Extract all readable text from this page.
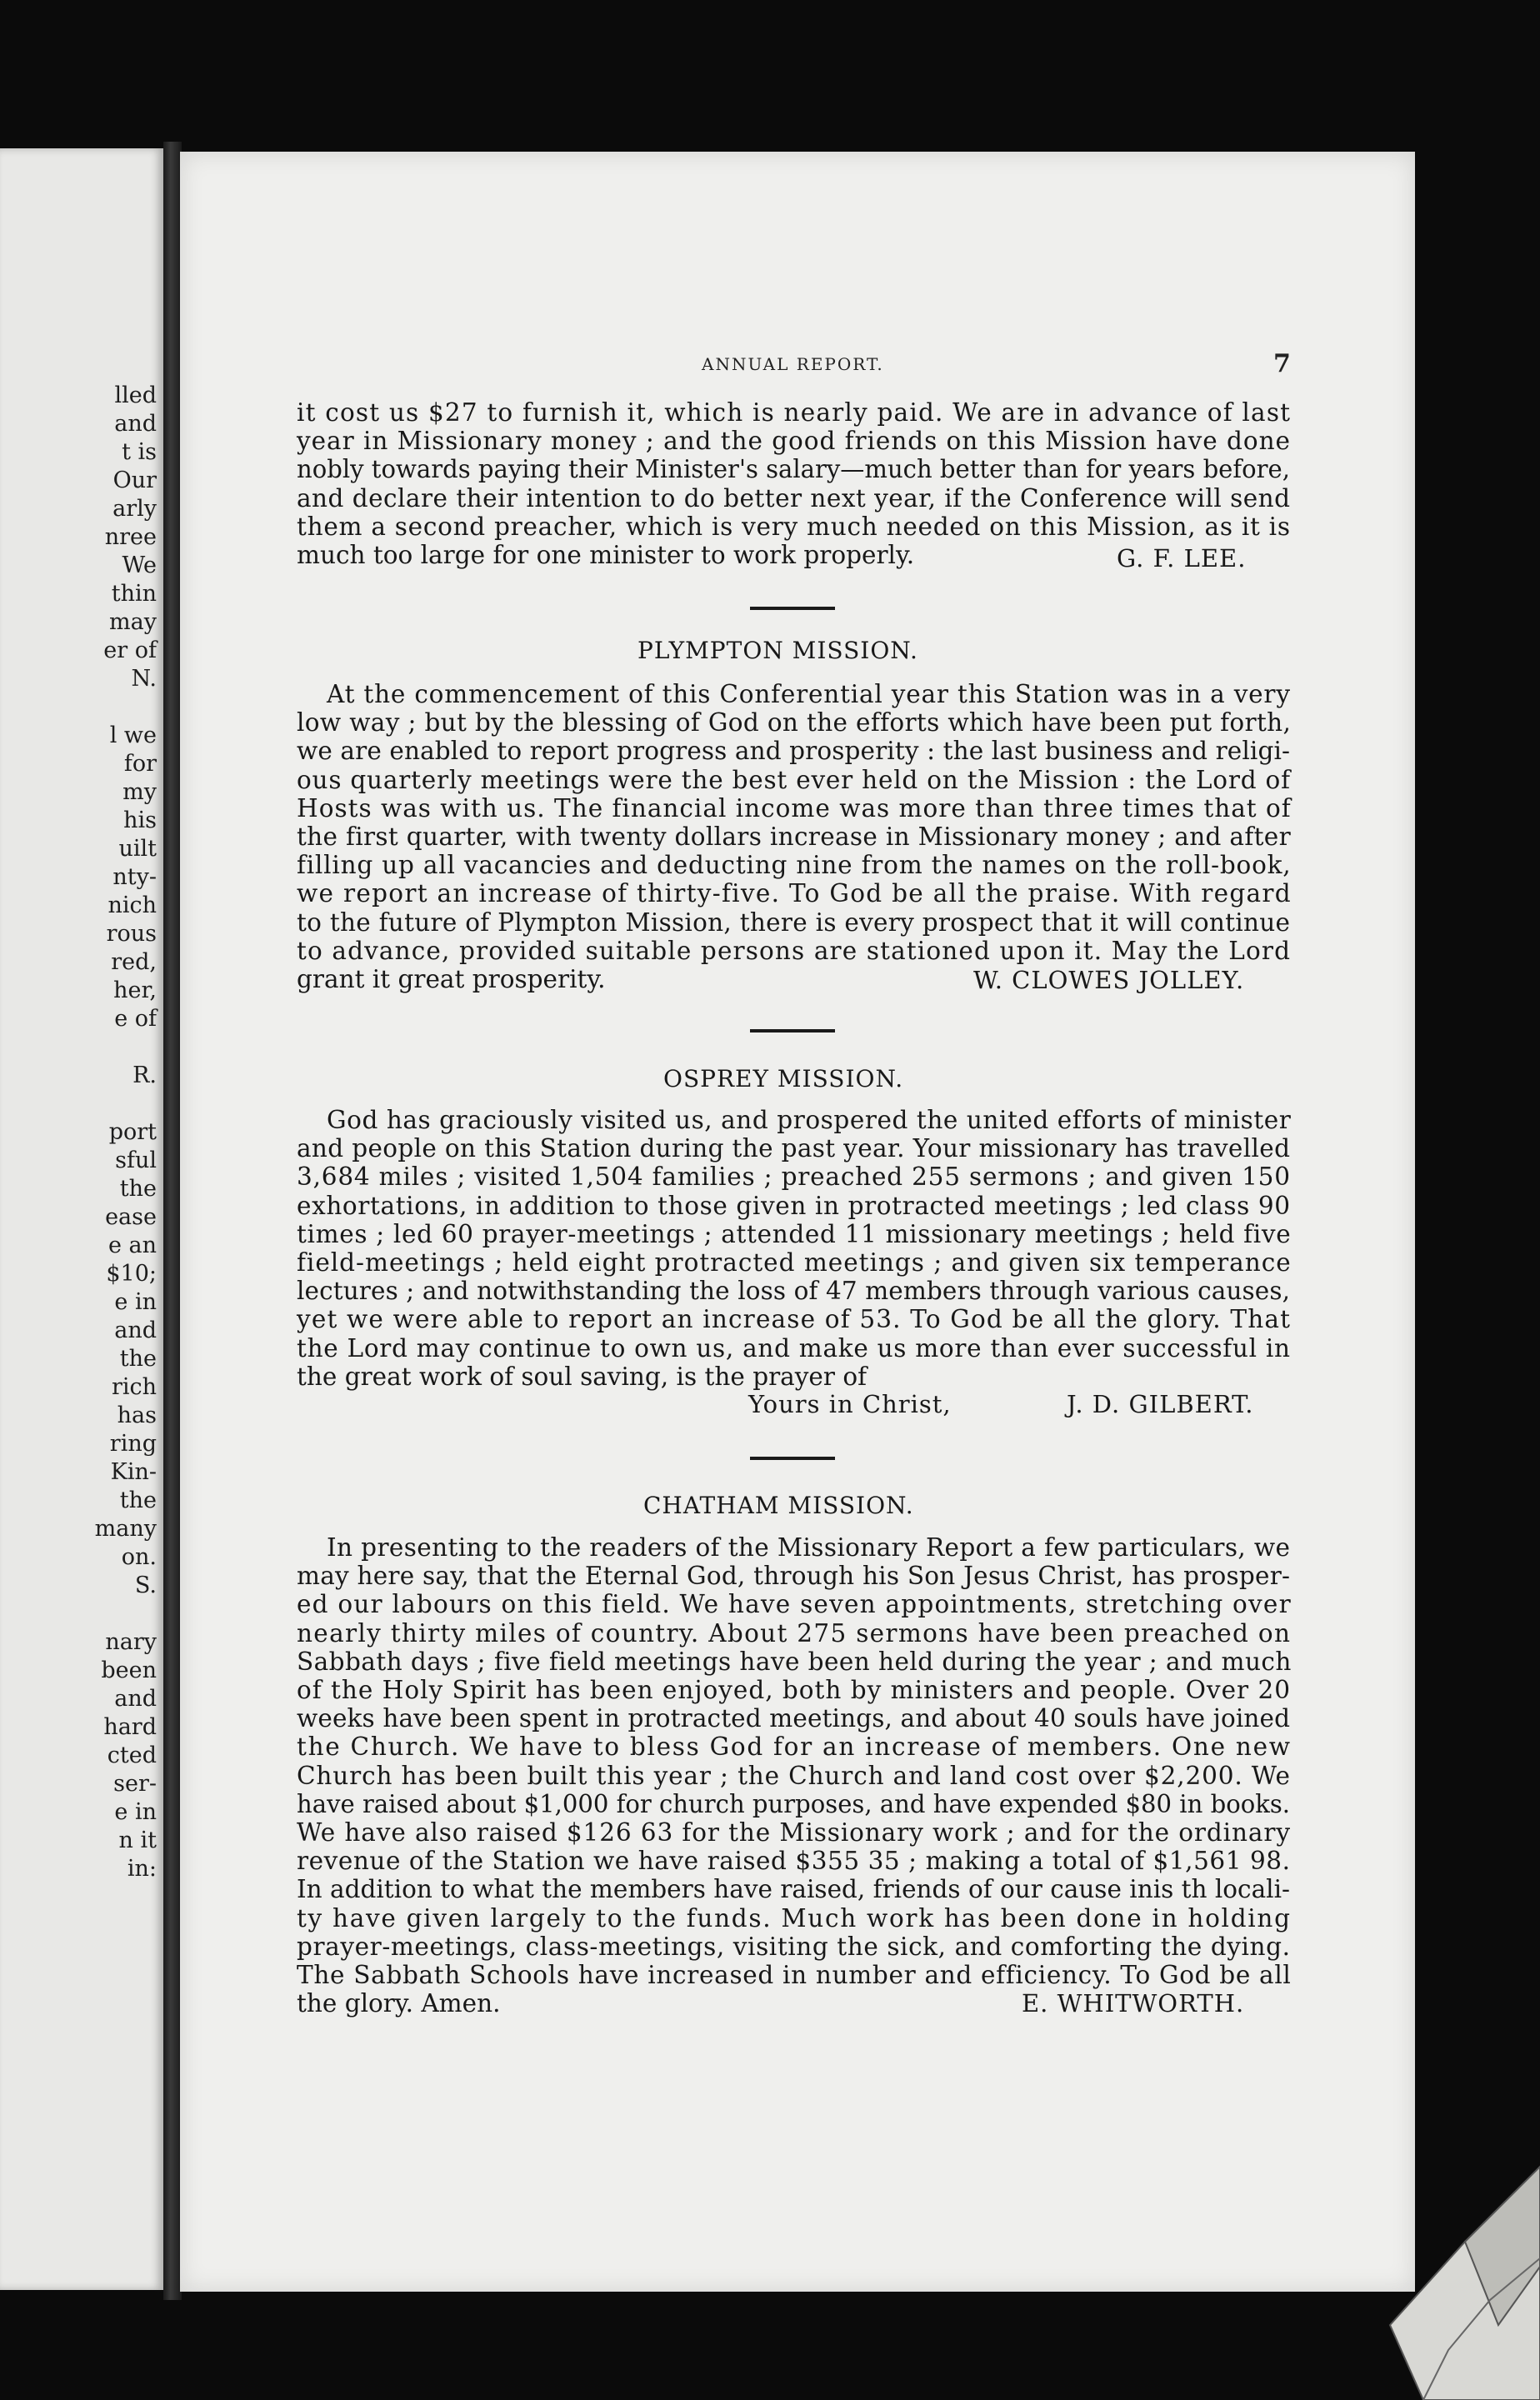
lled
and
t is
Our
arly
nree
We
thin
may
er of
N.
l we
for
my
his
uilt
nty-
nich
rous
red,
her,
e of
R.
port
sful
the
ease
e an
$10;
e in
and
the
rich
has
ring
Kin-
the
many
on.
S.
nary
been
and
hard
cted
ser-
e in
n it
in:
ANNUAL REPORT.	7
it cost us $27 to furnish it, which is nearly paid. We are in advance of last
year in Missionary money ; and the good friends on this Mission have done
nobly towards paying their Minister's salary—much better than for years before,
and declare their intention to do better next year, if the Conference will send
them a second preacher, which is very much needed on this Mission, as it is
much too large for one minister to work properly.	G. F. LEE.
PLYMPTON MISSION.
At the commencement of this Conferential year this Station was in a very
low way ; but by the blessing of God on the efforts which have been put forth,
we are enabled to report progress and prosperity : the last business and religi-
ous quarterly meetings were the best ever held on the Mission : the Lord of
Hosts was with us. The financial income was more than three times that of
the first quarter, with twenty dollars increase in Missionary money ; and after
filling up all vacancies and deducting nine from the names on the roll-book,
we report an increase of thirty-five. To God be all the praise. With regard
to the future of Plympton Mission, there is every prospect that it will continue
to advance, provided suitable persons are stationed upon it. May the Lord
grant it great prosperity.	W. CLOWES JOLLEY.
OSPREY MISSION.
God has graciously visited us, and prospered the united efforts of minister
and people on this Station during the past year. Your missionary has travelled
3,684 miles ; visited 1,504 families ; preached 255 sermons ; and given 150
exhortations, in addition to those given in protracted meetings ; led class 90
times ; led 60 prayer-meetings ; attended 11 missionary meetings ; held five
field-meetings ; held eight protracted meetings ; and given six temperance
lectures ; and notwithstanding the loss of 47 members through various causes,
yet we were able to report an increase of 53. To God be all the glory. That
the Lord may continue to own us, and make us more than ever successful in
the great work of soul saving, is the prayer of
Yours in Christ,	J. D. GILBERT.
CHATHAM MISSION.
In presenting to the readers of the Missionary Report a few particulars, we
may here say, that the Eternal God, through his Son Jesus Christ, has prosper-
ed our labours on this field. We have seven appointments, stretching over
nearly thirty miles of country. About 275 sermons have been preached on
Sabbath days ; five field meetings have been held during the year ; and much
of the Holy Spirit has been enjoyed, both by ministers and people. Over 20
weeks have been spent in protracted meetings, and about 40 souls have joined
the Church. We have to bless God for an increase of members. One new
Church has been built this year ; the Church and land cost over $2,200. We
have raised about $1,000 for church purposes, and have expended $80 in books.
We have also raised $126 63 for the Missionary work ; and for the ordinary
revenue of the Station we have raised $355 35 ; making a total of $1,561 98.
In addition to what the members have raised, friends of our cause inis th locali-
ty have given largely to the funds. Much work has been done in holding
prayer-meetings, class-meetings, visiting the sick, and comforting the dying.
The Sabbath Schools have increased in number and efficiency. To God be all
the glory. Amen.	E. WHITWORTH.
